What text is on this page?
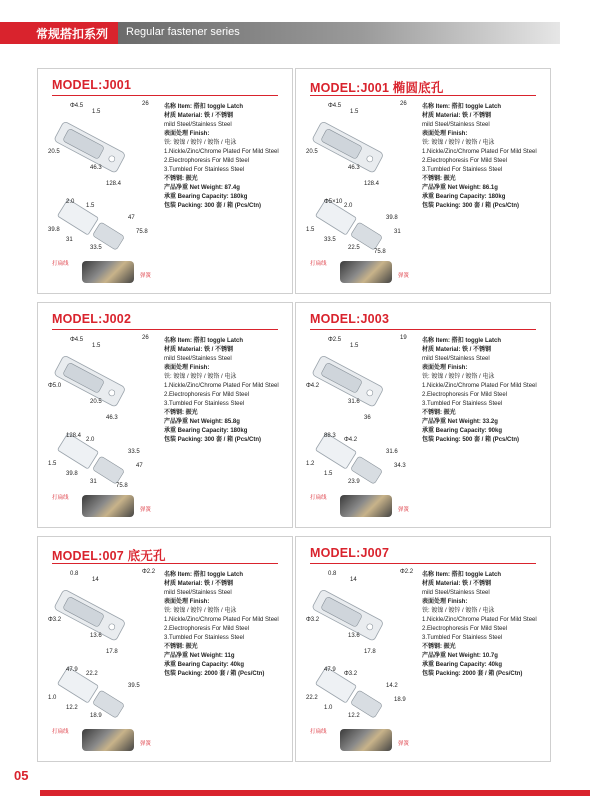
常规搭扣系列 Regular fastener series
MODEL:J001
Φ4.5
1.5
26
20.5
46.3
128.4
2.0
1.5
39.8
31
33.5
47
75.8
名称 Item: 搭扣 toggle Latch
材质 Material: 铁 / 不锈钢
mild Steel/Stainless Steel
表面处理 Finish:
铁: 镀镍 / 镀锌 / 镀铬 / 电泳
1.Nickle/Zinc/Chrome Plated For Mild Steel
2.Electrophoresis For Mild Steel
3.Tumbled For Stainless Steel
不锈钢: 振光
产品净重 Net Weight: 87.4g
承重 Bearing Capacity: 180kg
包装 Packing: 300 套 / 箱 (Pcs/Ctn)
打扁线
弹簧
MODEL:J001 椭圆底孔
Φ4.5
1.5
26
20.5
46.3
128.4
Φ5×10
2.0
1.5
33.5
22.5
39.8
31
75.8
名称 Item: 搭扣 toggle Latch
材质 Material: 铁 / 不锈钢
mild Steel/Stainless Steel
表面处理 Finish:
铁: 镀镍 / 镀锌 / 镀铬 / 电泳
1.Nickle/Zinc/Chrome Plated For Mild Steel
2.Electrophoresis For Mild Steel
3.Tumbled For Stainless Steel
不锈钢: 振光
产品净重 Net Weight: 86.1g
承重 Bearing Capacity: 180kg
包装 Packing: 300 套 / 箱 (Pcs/Ctn)
打扁线
弹簧
MODEL:J002
Φ4.5
1.5
26
Φ5.0
20.5
46.3
128.4
2.0
1.5
39.8
31
33.5
47
75.8
名称 Item: 搭扣 toggle Latch
材质 Material: 铁 / 不锈钢
mild Steel/Stainless Steel
表面处理 Finish:
铁: 镀镍 / 镀锌 / 镀铬 / 电泳
1.Nickle/Zinc/Chrome Plated For Mild Steel
2.Electrophoresis For Mild Steel
3.Tumbled For Stainless Steel
不锈钢: 振光
产品净重 Net Weight: 85.8g
承重 Bearing Capacity: 180kg
包装 Packing: 300 套 / 箱 (Pcs/Ctn)
打扁线
弹簧
MODEL:J003
Φ2.5
1.5
19
Φ4.2
31.6
36
88.3
Φ4.2
1.2
1.5
23.9
31.6
34.3
名称 Item: 搭扣 toggle Latch
材质 Material: 铁 / 不锈钢
mild Steel/Stainless Steel
表面处理 Finish:
铁: 镀镍 / 镀锌 / 镀铬 / 电泳
1.Nickle/Zinc/Chrome Plated For Mild Steel
2.Electrophoresis For Mild Steel
3.Tumbled For Stainless Steel
不锈钢: 振光
产品净重 Net Weight: 33.2g
承重 Bearing Capacity: 90kg
包装 Packing: 500 套 / 箱 (Pcs/Ctn)
打扁线
弹簧
MODEL:007 底无孔
0.8
14
Φ2.2
Φ3.2
13.6
17.8
47.9
22.2
1.0
12.2
18.9
39.5
名称 Item: 搭扣 toggle Latch
材质 Material: 铁 / 不锈钢
mild Steel/Stainless Steel
表面处理 Finish:
铁: 镀镍 / 镀锌 / 镀铬 / 电泳
1.Nickle/Zinc/Chrome Plated For Mild Steel
2.Electrophoresis For Mild Steel
3.Tumbled For Stainless Steel
不锈钢: 振光
产品净重 Net Weight: 11g
承重 Bearing Capacity: 40kg
包装 Packing: 2000 套 / 箱 (Pcs/Ctn)
打扁线
弹簧
MODEL:J007
0.8
14
Φ2.2
Φ3.2
13.6
17.8
47.9
Φ3.2
22.2
1.0
12.2
14.2
18.9
名称 Item: 搭扣 toggle Latch
材质 Material: 铁 / 不锈钢
mild Steel/Stainless Steel
表面处理 Finish:
铁: 镀镍 / 镀锌 / 镀铬 / 电泳
1.Nickle/Zinc/Chrome Plated For Mild Steel
2.Electrophoresis For Mild Steel
3.Tumbled For Stainless Steel
不锈钢: 振光
产品净重 Net Weight: 10.7g
承重 Bearing Capacity: 40kg
包装 Packing: 2000 套 / 箱 (Pcs/Ctn)
打扁线
弹簧
05
